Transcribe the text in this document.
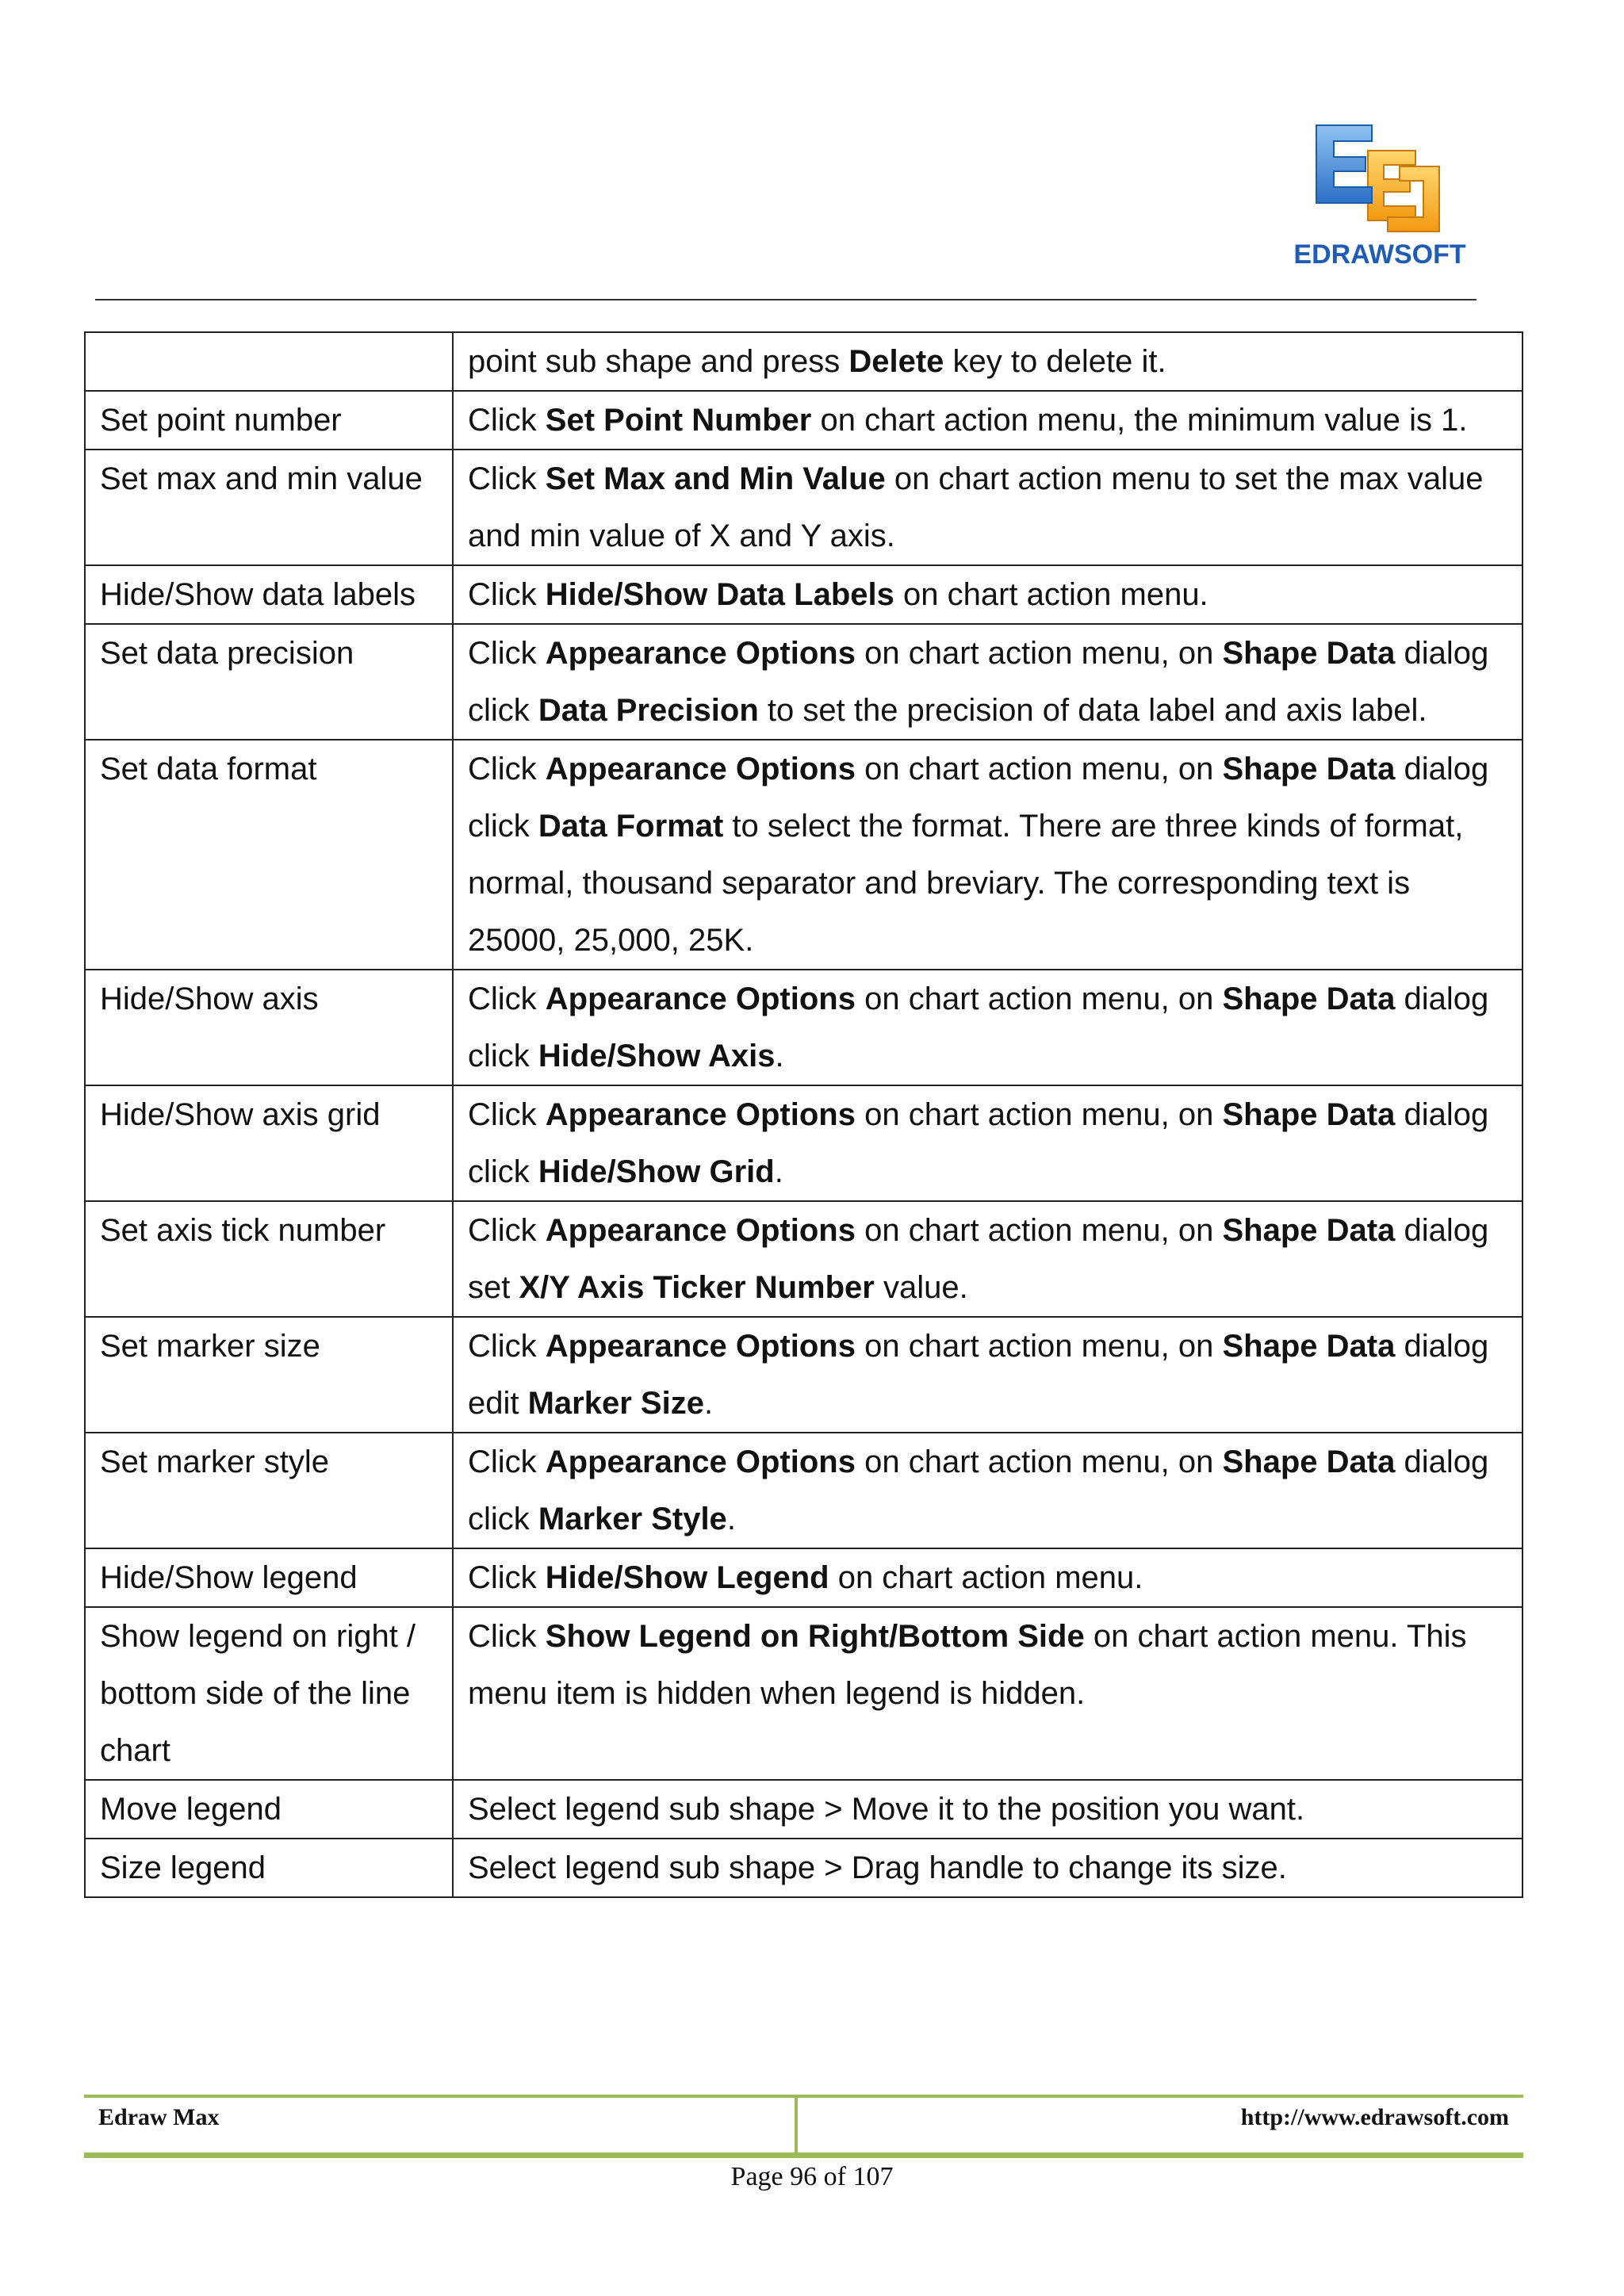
EDRAWSOFT
	point sub shape and press Delete key to delete it.
Set point number	Click Set Point Number on chart action menu, the minimum value is 1.
Set max and min value	Click Set Max and Min Value on chart action menu to set the max value and min value of X and Y axis.
Hide/Show data labels	Click Hide/Show Data Labels on chart action menu.
Set data precision	Click Appearance Options on chart action menu, on Shape Data dialog click Data Precision to set the precision of data label and axis label.
Set data format	Click Appearance Options on chart action menu, on Shape Data dialog click Data Format to select the format. There are three kinds of format, normal, thousand separator and breviary. The corresponding text is 25000, 25,000, 25K.
Hide/Show axis	Click Appearance Options on chart action menu, on Shape Data dialog click Hide/Show Axis.
Hide/Show axis grid	Click Appearance Options on chart action menu, on Shape Data dialog click Hide/Show Grid.
Set axis tick number	Click Appearance Options on chart action menu, on Shape Data dialog set X/Y Axis Ticker Number value.
Set marker size	Click Appearance Options on chart action menu, on Shape Data dialog edit Marker Size.
Set marker style	Click Appearance Options on chart action menu, on Shape Data dialog click Marker Style.
Hide/Show legend	Click Hide/Show Legend on chart action menu.
Show legend on right / bottom side of the line chart	Click Show Legend on Right/Bottom Side on chart action menu. This menu item is hidden when legend is hidden.
Move legend	Select legend sub shape > Move it to the position you want.
Size legend	Select legend sub shape > Drag handle to change its size.
Edraw Max	http://www.edrawsoft.com
Page 96 of 107
